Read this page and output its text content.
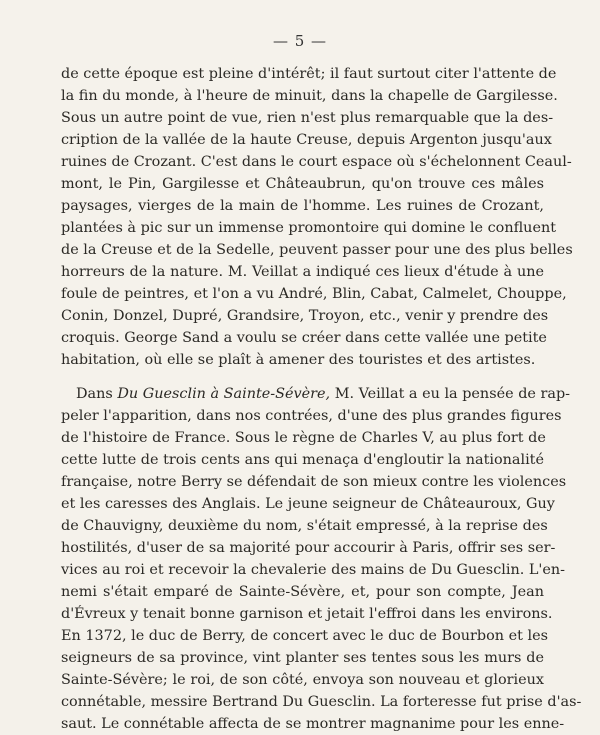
— 5 —
de cette époque est pleine d'intérêt; il faut surtout citer l'attente de
la fin du monde, à l'heure de minuit, dans la chapelle de Gargilesse.
Sous un autre point de vue, rien n'est plus remarquable que la des-
cription de la vallée de la haute Creuse, depuis Argenton jusqu'aux
ruines de Crozant. C'est dans le court espace où s'échelonnent Ceaul-
mont, le Pin, Gargilesse et Châteaubrun, qu'on trouve ces mâles
paysages, vierges de la main de l'homme. Les ruines de Crozant,
plantées à pic sur un immense promontoire qui domine le confluent
de la Creuse et de la Sedelle, peuvent passer pour une des plus belles
horreurs de la nature. M. Veillat a indiqué ces lieux d'étude à une
foule de peintres, et l'on a vu André, Blin, Cabat, Calmelet, Chouppe,
Conin, Donzel, Dupré, Grandsire, Troyon, etc., venir y prendre des
croquis. George Sand a voulu se créer dans cette vallée une petite
habitation, où elle se plaît à amener des touristes et des artistes.
Dans Du Guesclin à Sainte-Sévère, M. Veillat a eu la pensée de rap-
peler l'apparition, dans nos contrées, d'une des plus grandes figures
de l'histoire de France. Sous le règne de Charles V, au plus fort de
cette lutte de trois cents ans qui menaça d'engloutir la nationalité
française, notre Berry se défendait de son mieux contre les violences
et les caresses des Anglais. Le jeune seigneur de Châteauroux, Guy
de Chauvigny, deuxième du nom, s'était empressé, à la reprise des
hostilités, d'user de sa majorité pour accourir à Paris, offrir ses ser-
vices au roi et recevoir la chevalerie des mains de Du Guesclin. L'en-
nemi s'était emparé de Sainte-Sévère, et, pour son compte, Jean
d'Évreux y tenait bonne garnison et jetait l'effroi dans les environs.
En 1372, le duc de Berry, de concert avec le duc de Bourbon et les
seigneurs de sa province, vint planter ses tentes sous les murs de
Sainte-Sévère; le roi, de son côté, envoya son nouveau et glorieux
connétable, messire Bertrand Du Guesclin. La forteresse fut prise d'as-
saut. Le connétable affecta de se montrer magnanime pour les enne-
